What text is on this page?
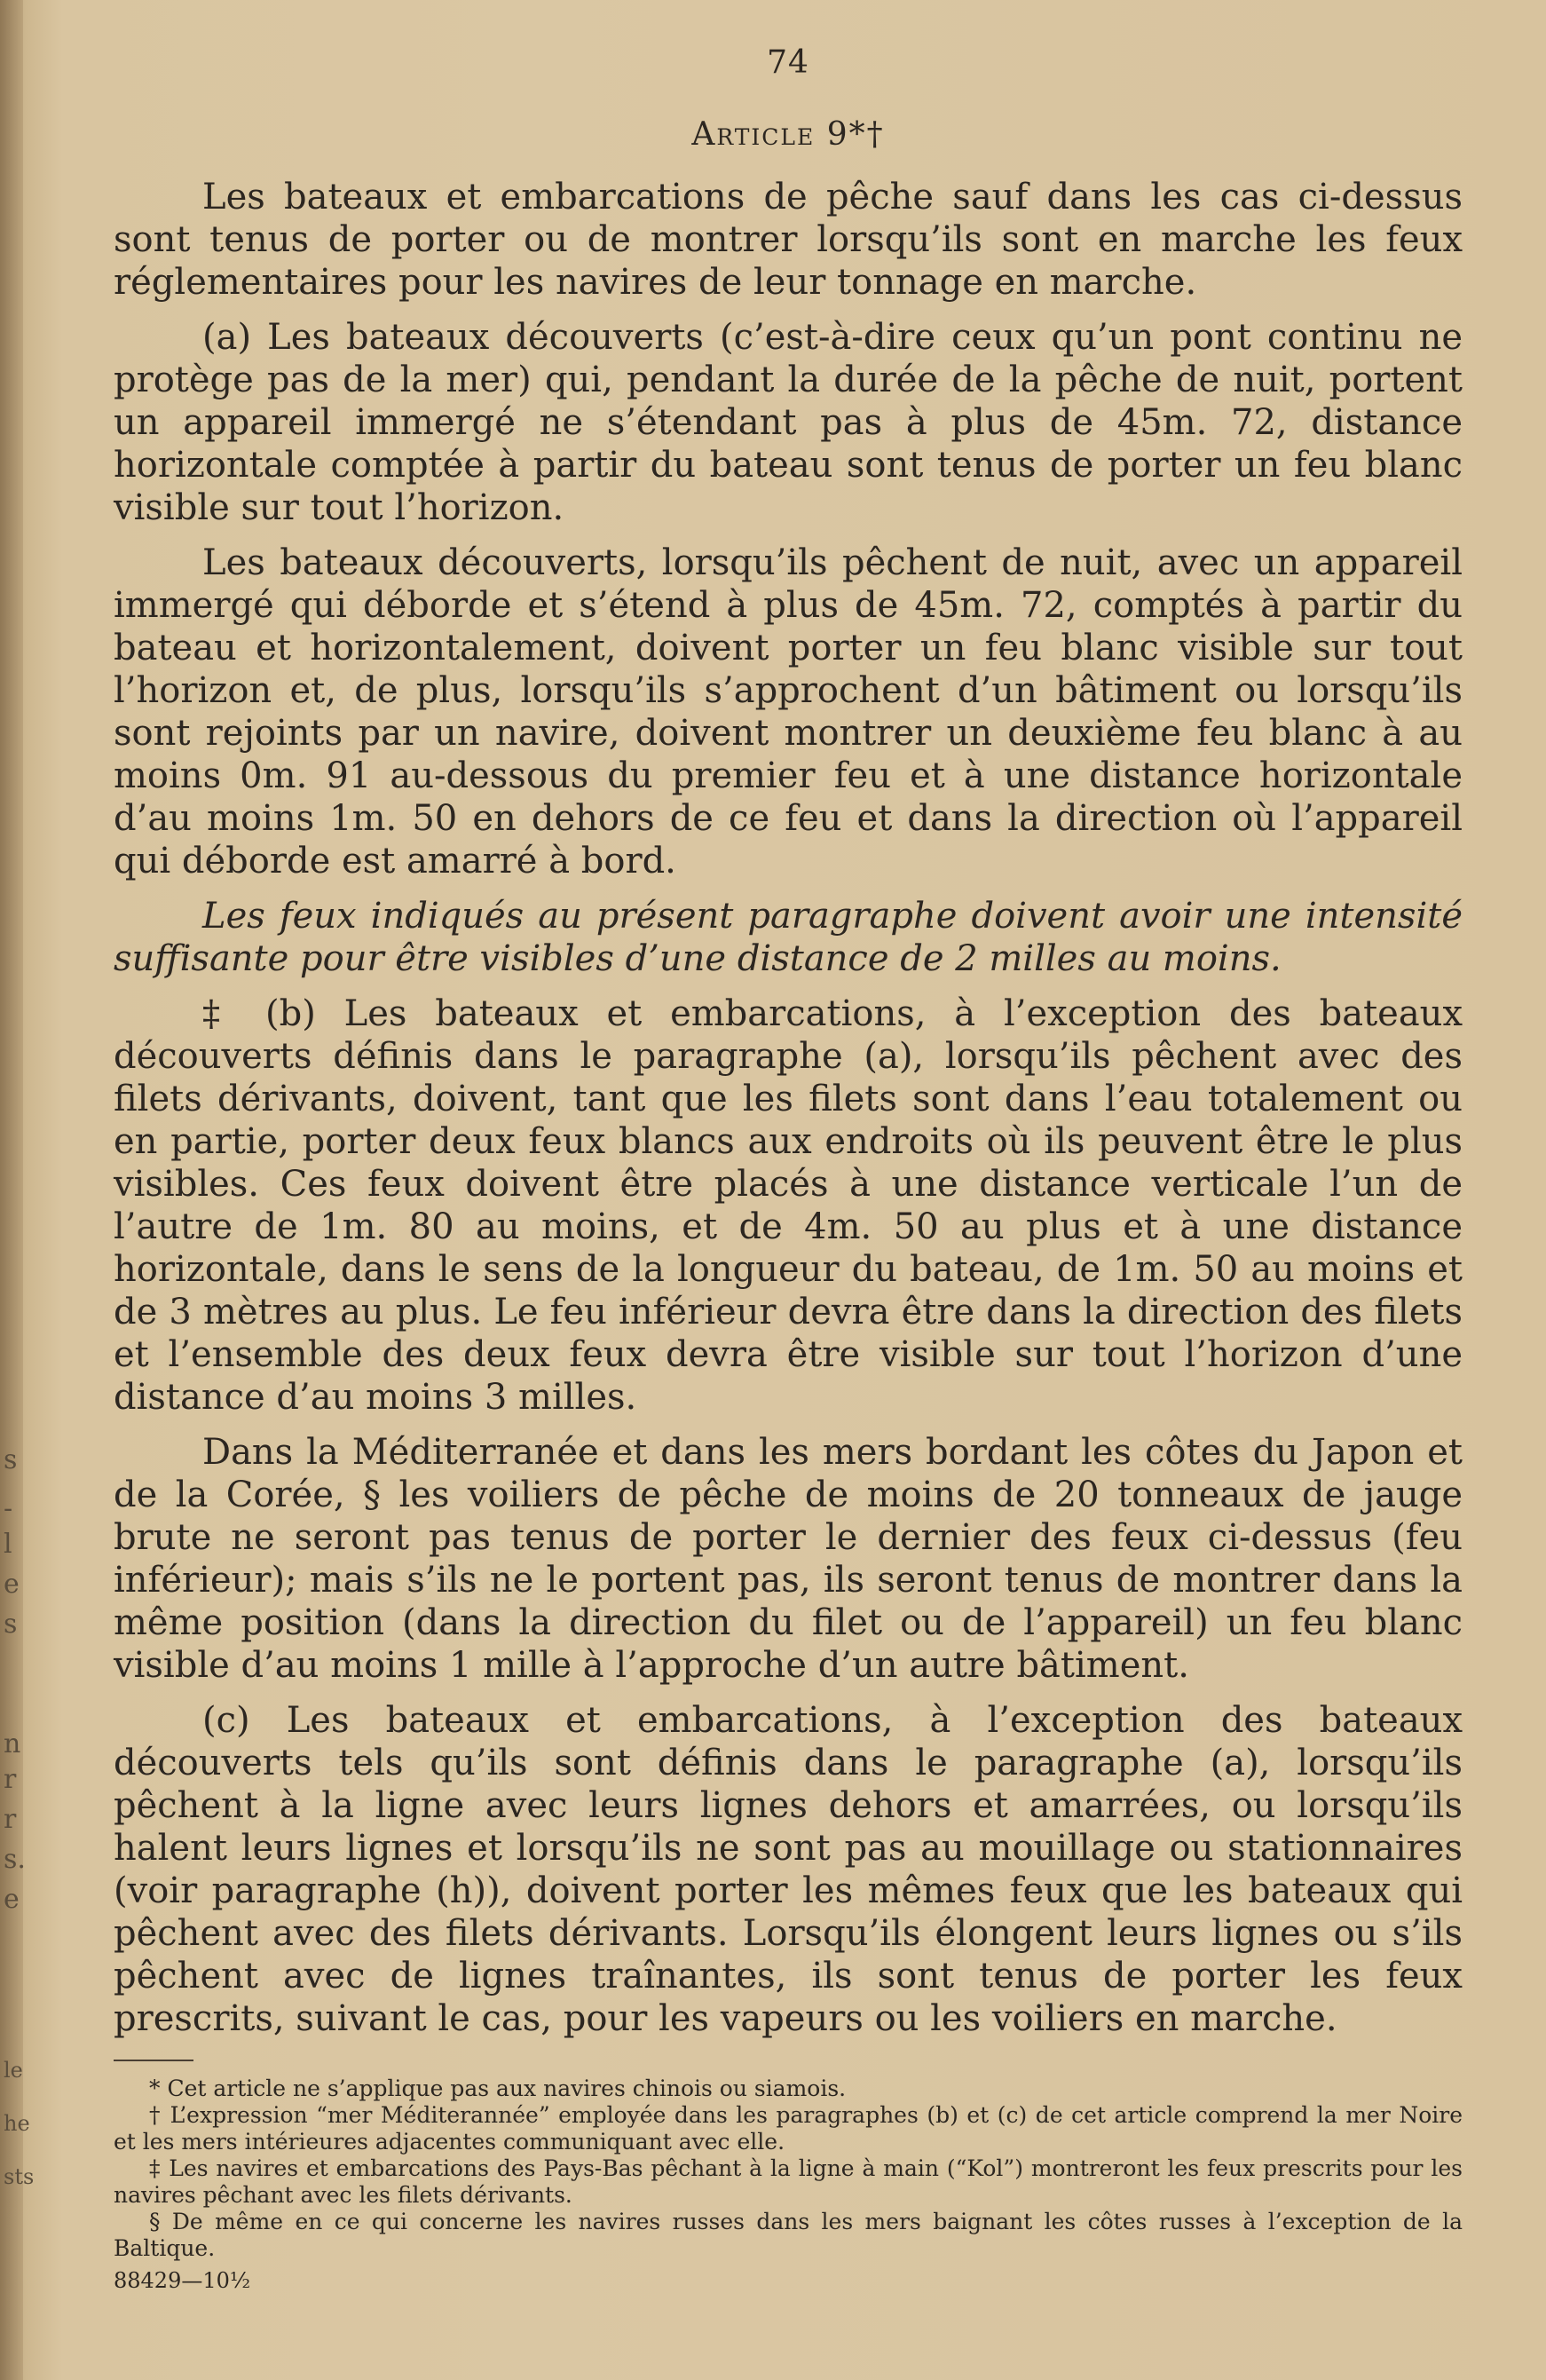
s
-
l
e
s
n
r
r
s.
e
le
he
sts
74
Article 9*†

Les bateaux et embarcations de pêche sauf dans les cas ci-dessus sont tenus de porter ou de montrer lorsqu’ils sont en marche les feux réglementaires pour les navires de leur tonnage en marche.

(a) Les bateaux découverts (c’est-à-dire ceux qu’un pont continu ne protège pas de la mer) qui, pendant la durée de la pêche de nuit, portent un appareil immergé ne s’étendant pas à plus de 45m. 72, distance horizontale comptée à partir du bateau sont tenus de porter un feu blanc visible sur tout l’horizon.

Les bateaux découverts, lorsqu’ils pêchent de nuit, avec un appareil immergé qui déborde et s’étend à plus de 45m. 72, comptés à partir du bateau et horizontalement, doivent porter un feu blanc visible sur tout l’horizon et, de plus, lorsqu’ils s’approchent d’un bâtiment ou lorsqu’ils sont rejoints par un navire, doivent montrer un deuxième feu blanc à au moins 0m. 91 au-dessous du premier feu et à une distance horizontale d’au moins 1m. 50 en dehors de ce feu et dans la direction où l’appareil qui déborde est amarré à bord.

Les feux indiqués au présent paragraphe doivent avoir une intensité suffisante pour être visibles d’une distance de 2 milles au moins.

‡ (b) Les bateaux et embarcations, à l’exception des bateaux découverts définis dans le paragraphe (a), lorsqu’ils pêchent avec des filets dérivants, doivent, tant que les filets sont dans l’eau totalement ou en partie, porter deux feux blancs aux endroits où ils peuvent être le plus visibles. Ces feux doivent être placés à une distance verticale l’un de l’autre de 1m. 80 au moins, et de 4m. 50 au plus et à une distance horizontale, dans le sens de la longueur du bateau, de 1m. 50 au moins et de 3 mètres au plus. Le feu inférieur devra être dans la direction des filets et l’ensemble des deux feux devra être visible sur tout l’horizon d’une distance d’au moins 3 milles.

Dans la Méditerranée et dans les mers bordant les côtes du Japon et de la Corée, § les voiliers de pêche de moins de 20 tonneaux de jauge brute ne seront pas tenus de porter le dernier des feux ci-dessus (feu inférieur); mais s’ils ne le portent pas, ils seront tenus de montrer dans la même position (dans la direction du filet ou de l’appareil) un feu blanc visible d’au moins 1 mille à l’approche d’un autre bâtiment.

(c) Les bateaux et embarcations, à l’exception des bateaux découverts tels qu’ils sont définis dans le paragraphe (a), lorsqu’ils pêchent à la ligne avec leurs lignes dehors et amarrées, ou lorsqu’ils halent leurs lignes et lorsqu’ils ne sont pas au mouillage ou stationnaires (voir paragraphe (h)), doivent porter les mêmes feux que les bateaux qui pêchent avec des filets dérivants. Lorsqu’ils élongent leurs lignes ou s’ils pêchent avec de lignes traînantes, ils sont tenus de porter les feux prescrits, suivant le cas, pour les vapeurs ou les voiliers en marche.

* Cet article ne s’applique pas aux navires chinois ou siamois.

† L’expression “mer Méditerannée” employée dans les paragraphes (b) et (c) de cet article comprend la mer Noire et les mers intérieures adjacentes communiquant avec elle.

‡ Les navires et embarcations des Pays-Bas pêchant à la ligne à main (“Kol”) montreront les feux prescrits pour les navires pêchant avec les filets dérivants.

§ De même en ce qui concerne les navires russes dans les mers baignant les côtes russes à l’exception de la Baltique.

88429—10½
